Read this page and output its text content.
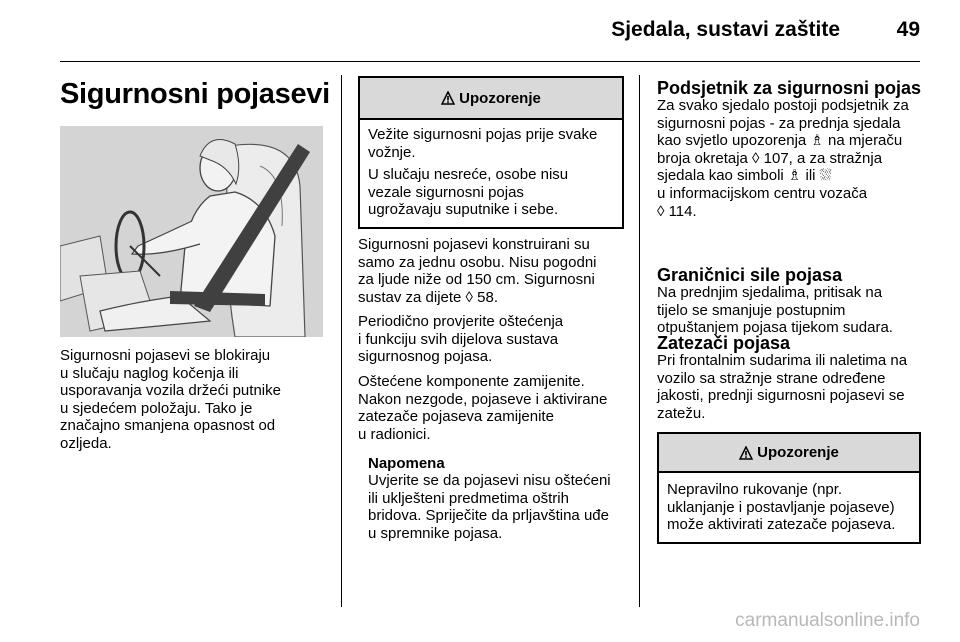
Sjedala, sustavi zaštite	49
Sigurnosni pojasevi
Sigurnosni pojasevi se blokiraju
u slučaju naglog kočenja ili
usporavanja vozila držeći putnike
u sjedećem položaju. Tako je
značajno smanjena opasnost od
ozljeda.
Upozorenje
Vežite sigurnosni pojas prije svake
vožnje.
U slučaju nesreće, osobe nisu
vezale sigurnosni pojas
ugrožavaju suputnike i sebe.
Sigurnosni pojasevi konstruirani su
samo za jednu osobu. Nisu pogodni
za ljude niže od 150 cm. Sigurnosni
sustav za dijete ◊ 58.
Periodično provjerite oštećenja
i funkciju svih dijelova sustava
sigurnosnog pojasa.
Oštećene komponente zamijenite.
Nakon nezgode, pojaseve i aktivirane
zatezače pojaseva zamijenite
u radionici.
Napomena
Uvjerite se da pojasevi nisu oštećeni
ili uklješteni predmetima oštrih
bridova. Spriječite da prljavština uđe
u spremnike pojasa.
Podsjetnik za sigurnosni pojas
Za svako sjedalo postoji podsjetnik za
sigurnosni pojas - za prednja sjedala
kao svjetlo upozorenja ♗ na mjeraču
broja okretaja ◊ 107, a za stražnja
sjedala kao simboli ♗ ili ⛆
u informacijskom centru vozača
◊ 114.
Graničnici sile pojasa
Na prednjim sjedalima, pritisak na
tijelo se smanjuje postupnim
otpuštanjem pojasa tijekom sudara.
Zatezači pojasa
Pri frontalnim sudarima ili naletima na
vozilo sa stražnje strane određene
jakosti, prednji sigurnosni pojasevi se
zatežu.
Upozorenje
Nepravilno rukovanje (npr.
uklanjanje i postavljanje pojaseve)
može aktivirati zatezače pojaseva.
carmanualsonline.info
